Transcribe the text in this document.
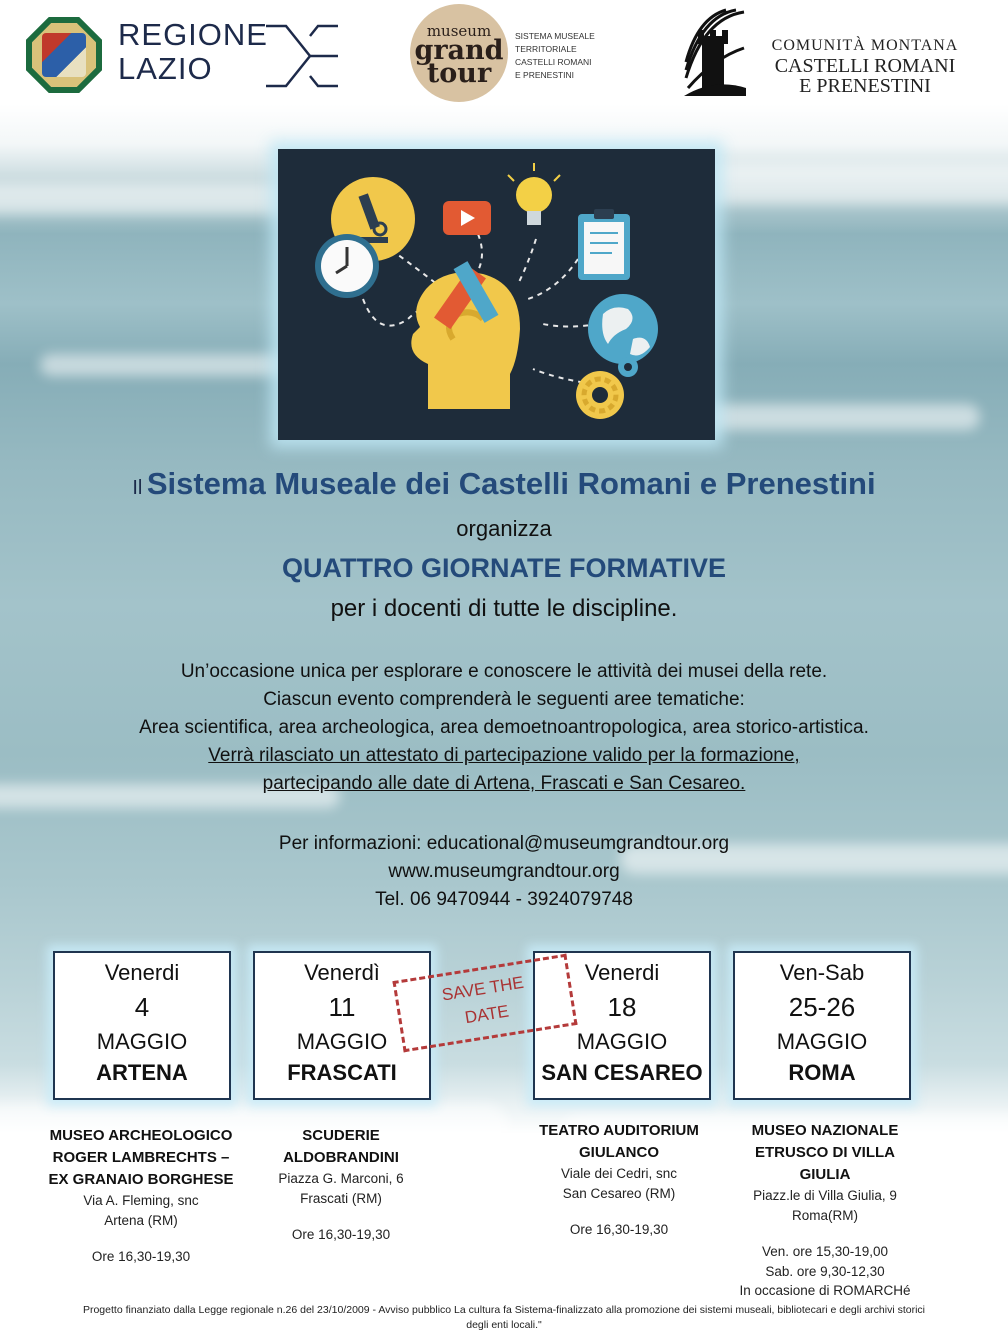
REGIONE
LAZIO
museum
grand
tour
SISTEMA MUSEALE
TERRITORIALE
CASTELLI ROMANI
E PRENESTINI
COMUNITÀ MONTANA
CASTELLI ROMANI
E PRENESTINI
Il Sistema Museale dei Castelli Romani e Prenestini
organizza
QUATTRO GIORNATE FORMATIVE
per i docenti di tutte le discipline.
Un’occasione unica per esplorare e conoscere le attività dei musei della rete.
Ciascun evento comprenderà le seguenti aree tematiche:
Area scientifica, area archeologica, area demoetnoantropologica, area storico-artistica.
Verrà rilasciato un attestato di partecipazione valido per la formazione,
partecipando alle date di Artena, Frascati e San Cesareo.
Per informazioni: educational@museumgrandtour.org
www.museumgrandtour.org
Tel. 06 9470944 - 3924079748
Venerdi
4
MAGGIO
ARTENA
Venerdì
11
MAGGIO
FRASCATI
Venerdi
18
MAGGIO
SAN CESAREO
Ven-Sab
25-26
MAGGIO
ROMA
SAVE THE
DATE
MUSEO ARCHEOLOGICO
ROGER LAMBRECHTS –
EX GRANAIO BORGHESE
Via A. Fleming, snc
Artena (RM)
Ore 16,30-19,30
SCUDERIE
ALDOBRANDINI
Piazza G. Marconi, 6
Frascati (RM)
Ore 16,30-19,30
TEATRO AUDITORIUM
GIULANCO
Viale dei Cedri, snc
San Cesareo (RM)
Ore 16,30-19,30
MUSEO NAZIONALE
ETRUSCO DI VILLA
GIULIA
Piazz.le di Villa Giulia, 9
Roma(RM)
Ven. ore 15,30-19,00
Sab. ore 9,30-12,30
In occasione di ROMARCHé
Progetto finanziato dalla Legge regionale n.26 del 23/10/2009 - Avviso pubblico La cultura fa Sistema-finalizzato alla promozione dei sistemi museali, bibliotecari e degli archivi storici
degli enti locali."
